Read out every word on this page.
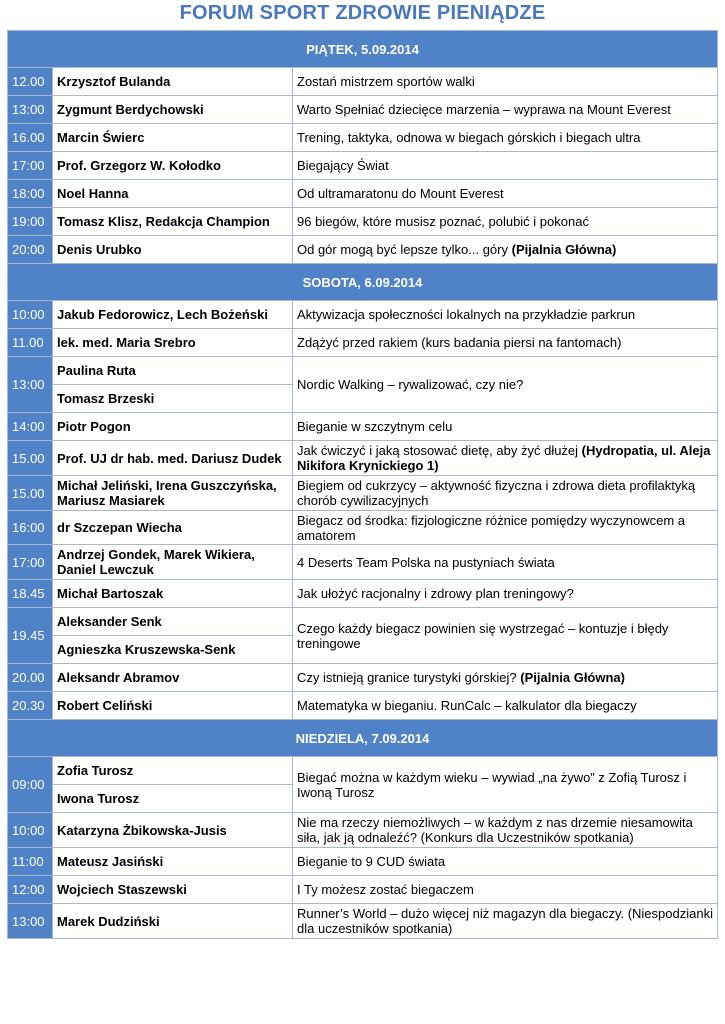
FORUM SPORT ZDROWIE PIENIĄDZE
PIĄTEK, 5.09.2014		
12.00	Krzysztof Bulanda	Zostań mistrzem sportów walki
13:00	Zygmunt Berdychowski	Warto Spełniać dziecięce marzenia – wyprawa na Mount Everest
16.00	Marcin Świerc	Trening, taktyka, odnowa w biegach górskich i biegach ultra
17:00	Prof. Grzegorz W. Kołodko	Biegający Świat
18:00	Noel Hanna	Od ultramaratonu do Mount Everest
19:00	Tomasz Klisz, Redakcja Champion	96 biegów, które musisz poznać, polubić i pokonać
20:00	Denis Urubko	Od gór mogą być lepsze tylko... góry (Pijalnia Główna)
SOBOTA, 6.09.2014		
10:00	Jakub Fedorowicz, Lech Bożeński	Aktywizacja społeczności lokalnych na przykładzie parkrun
11.00	lek. med. Maria Srebro	Zdążyć przed rakiem (kurs badania piersi na fantomach)
13:00	Paulina Ruta	Nordic Walking – rywalizować, czy nie?
	Tomasz Brzeski	
14:00	Piotr Pogon	Bieganie w szczytnym celu
15.00	Prof. UJ dr hab. med. Dariusz Dudek	Jak ćwiczyć i jaką stosować dietę, aby żyć dłużej (Hydropatia, ul. Aleja Nikifora Krynickiego 1)
15.00	Michał Jeliński, Irena Guszczyńska, Mariusz Masiarek	Biegiem od cukrzycy – aktywność fizyczna i zdrowa dieta profilaktyką chorób cywilizacyjnych
16:00	dr Szczepan Wiecha	Biegacz od środka: fizjologiczne różnice pomiędzy wyczynowcem a amatorem
17:00	Andrzej Gondek, Marek Wikiera, Daniel Lewczuk	4 Deserts Team Polska na pustyniach świata
18.45	Michał Bartoszak	Jak ułożyć racjonalny i zdrowy plan treningowy?
19.45	Aleksander Senk	Czego każdy biegacz powinien się wystrzegać – kontuzje i błędy treningowe
	Agnieszka Kruszewska-Senk	
20.00	Aleksandr Abramov	Czy istnieją granice turystyki górskiej? (Pijalnia Główna)
20.30	Robert Celiński	Matematyka w bieganiu. RunCalc – kalkulator dla biegaczy
NIEDZIELA, 7.09.2014		
09:00	Zofia Turosz	Biegać można w każdym wieku – wywiad „na żywo” z Zofią Turosz i Iwoną Turosz
	Iwona Turosz	
10:00	Katarzyna Żbikowska-Jusis	Nie ma rzeczy niemożliwych – w każdym z nas drzemie niesamowita siła, jak ją odnaleźć? (Konkurs dla Uczestników spotkania)
11:00	Mateusz Jasiński	Bieganie to 9 CUD świata
12:00	Wojciech Staszewski	I Ty możesz zostać biegaczem
13:00	Marek Dudziński	Runner’s World – dużo więcej niż magazyn dla biegaczy. (Niespodzianki dla uczestników spotkania)
